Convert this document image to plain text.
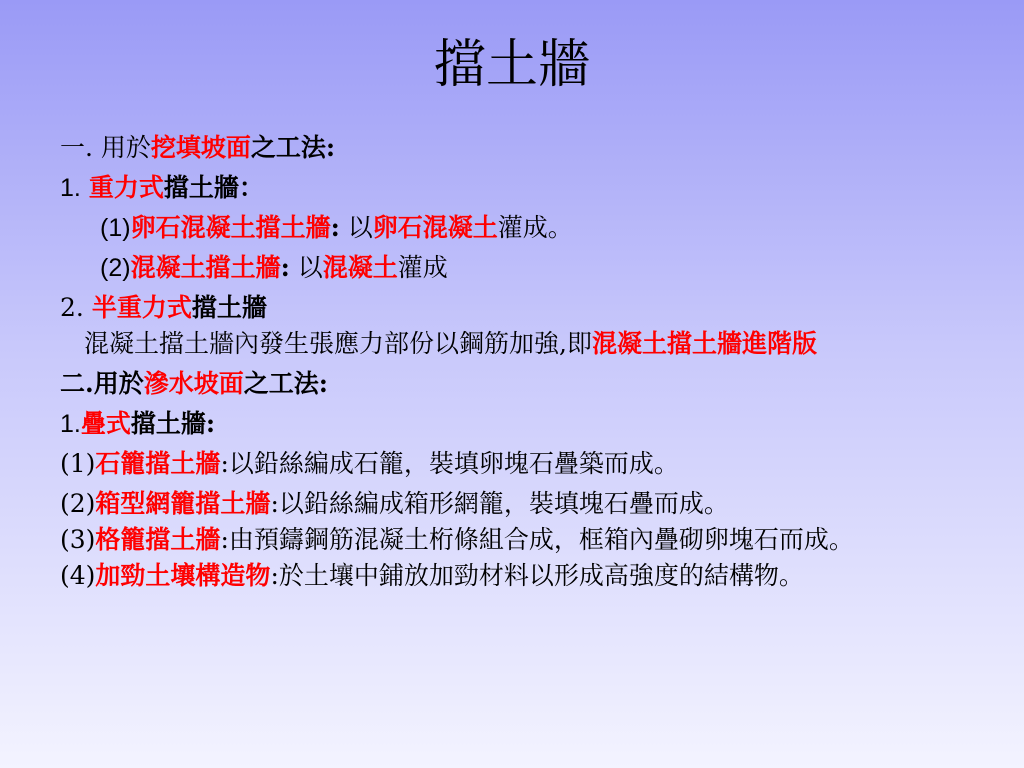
擋土牆
一. 用於挖填坡面之工法:
1. 重力式擋土牆：
(1)卵石混凝土擋土牆: 以卵石混凝土灌成。
(2)混凝土擋土牆: 以混凝土灌成
2. 半重力式擋土牆
混凝土擋土牆內發生張應力部份以鋼筋加強,即混凝土擋土牆進階版
二.用於滲水坡面之工法:
1.疊式擋土牆:
(1)石籠擋土牆:以鉛絲編成石籠，裝填卵塊石疊築而成。
(2)箱型網籠擋土牆:以鉛絲編成箱形網籠，裝填塊石疊而成。
(3)格籠擋土牆:由預鑄鋼筋混凝土桁條組合成，框箱內疊砌卵塊石而成。
(4)加勁土壤構造物:於土壤中鋪放加勁材料以形成高強度的結構物。
